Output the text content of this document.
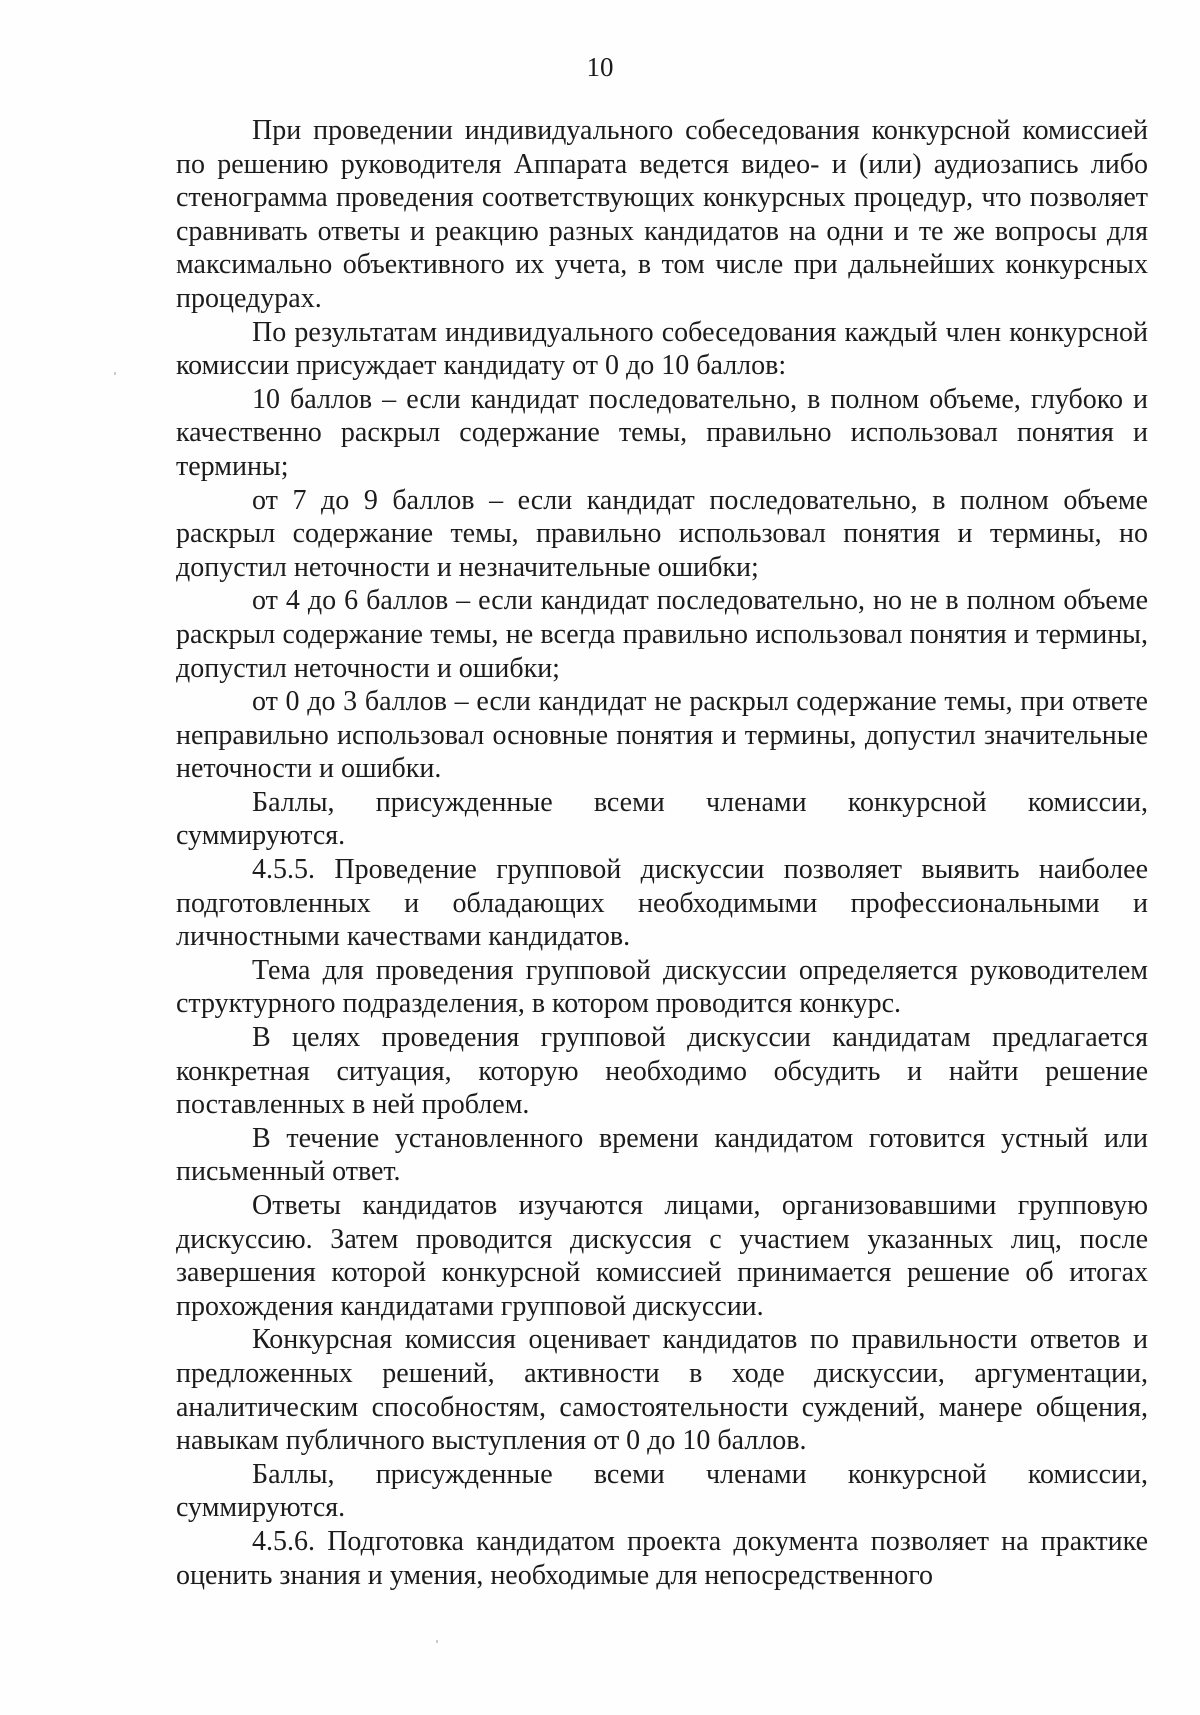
10

При проведении индивидуального собеседования конкурсной комиссией по решению руководителя Аппарата ведется видео- и (или) аудиозапись либо стенограмма проведения соответствующих конкурсных процедур, что позволяет сравнивать ответы и реакцию разных кандидатов на одни и те же вопросы для максимально объективного их учета, в том числе при дальнейших конкурсных процедурах.

По результатам индивидуального собеседования каждый член конкурсной комиссии присуждает кандидату от 0 до 10 баллов:

10 баллов – если кандидат последовательно, в полном объеме, глубоко и качественно раскрыл содержание темы, правильно использовал понятия и термины;

от 7 до 9 баллов – если кандидат последовательно, в полном объеме раскрыл содержание темы, правильно использовал понятия и термины, но допустил неточности и незначительные ошибки;

от 4 до 6 баллов – если кандидат последовательно, но не в полном объеме раскрыл содержание темы, не всегда правильно использовал понятия и термины, допустил неточности и ошибки;

от 0 до 3 баллов – если кандидат не раскрыл содержание темы, при ответе неправильно использовал основные понятия и термины, допустил значительные неточности и ошибки.

Баллы, присужденные всеми членами конкурсной комиссии, суммируются.

4.5.5. Проведение групповой дискуссии позволяет выявить наиболее подготовленных и обладающих необходимыми профессиональными и личностными качествами кандидатов.

Тема для проведения групповой дискуссии определяется руководителем структурного подразделения, в котором проводится конкурс.

В целях проведения групповой дискуссии кандидатам предлагается конкретная ситуация, которую необходимо обсудить и найти решение поставленных в ней проблем.

В течение установленного времени кандидатом готовится устный или письменный ответ.

Ответы кандидатов изучаются лицами, организовавшими групповую дискуссию. Затем проводится дискуссия с участием указанных лиц, после завершения которой конкурсной комиссией принимается решение об итогах прохождения кандидатами групповой дискуссии.

Конкурсная комиссия оценивает кандидатов по правильности ответов и предложенных решений, активности в ходе дискуссии, аргументации, аналитическим способностям, самостоятельности суждений, манере общения, навыкам публичного выступления от 0 до 10 баллов.

Баллы, присужденные всеми членами конкурсной комиссии, суммируются.

4.5.6. Подготовка кандидатом проекта документа позволяет на практике оценить знания и умения, необходимые для непосредственного
